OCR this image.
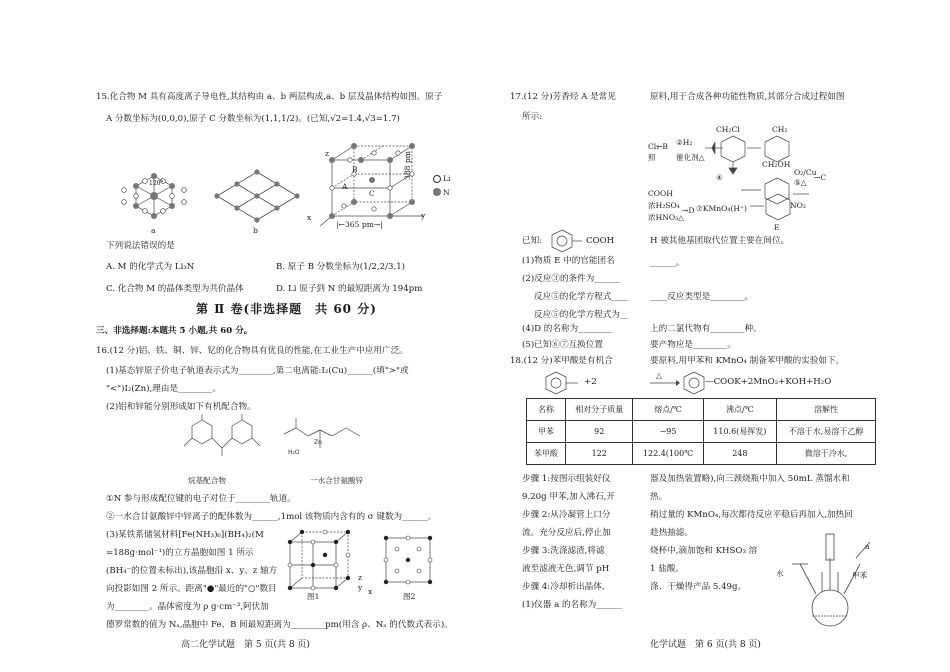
15.化合物 M 具有高度离子导电性,其结构由 a、b 两层构成,a、b 层及晶体结构如图。原子
A 分数坐标为(0,0,0),原子 C 分数坐标为(1,1,1/2)。(已知,√2=1.4,√3=1.7)
120°
a	b
A
B
C
x	y
z
|←365 pm→|
388 pm	Li
N
下列说法错误的是
A. M 的化学式为 Li₃N	B. 原子 B 分数坐标为(1/2,2/3,1)
C. 化合物 M 的晶体类型为共价晶体	D. Li 原子到 N 的最短距离为 194pm
第 Ⅱ 卷(非选择题　共 60 分)
三、非选择题:本题共 5 小题,共 60 分。
16.(12 分)铝、铁、铜、锌、钇的化合物具有优良的性能,在工业生产中应用广泛。
(1)基态锌原子价电子轨道表示式为________,第二电离能:I₂(Cu)______(填">"或
"<")I₂(Zn),理由是________。
(2)铝和锌能分别形成如下有机配合物。
Zn
H₂O
烷基配合物	一水合甘氨酸锌
①N 参与形成配位键的电子对位于________轨道。
②一水合甘氨酸锌中锌离子的配体数为______,1mol 该物质内含有的 σ 键数为______。
(3)某铁系储氢材料[Fe(NH₃)₆](BH₄)₂(M
=188g·mol⁻¹)的立方晶胞如图 1 所示
(BH₄⁻的位置未标出),该晶胞沿 x、y、z 轴方
向投影如图 2 所示。距离"●"最近的"○"数目
为________。晶体密度为 ρ g·cm⁻³,阿伏加
德罗常数的值为 Nₐ,晶胞中 Fe、B 间最短距离为________pm(用含 ρ、Nₐ 的代数式表示)。
图1
z
y x
图2
高二化学试题　第 5 页(共 8 页)
17.(12 分)芳香烃 A 是常见	原料,用于合成各种功能性物质,其部分合成过程如图
所示:
Cl₂
照
→B ②H₂
催化剂△
CH₂Cl	CH₂
④
CH₂OH
O₂/Cu
⑤△
→C
COOH
浓H₂SO₄
浓HNO₃△
→D ⑦KMnO₄(H⁺)	NO₂
E
已知:	COOH	H 被其他基团取代位置主要在间位。
(1)物质 E 中的官能团名	______。
(2)反应③的条件为______
反应⑤的化学方程式____ ____反应类型是________。
反应⑤的化学方程式为__
(4)D 的名称为________	上的二氯代物有________种。
(5)已知⑥⑦互换位置	要产物应是________。
18.(12 分)苯甲酸是有机合	要原料,用甲苯和 KMnO₄ 制备苯甲酸的实验如下。
+2
△
—COOK+2MnO₂+KOH+H₂O
名称	相对分子质量	熔点/℃	沸点/℃	溶解性
甲苯	92	−95	110.6(易挥发)	不溶于水,易溶于乙醇
苯甲酸	122	122.4(100℃	248	微溶于冷水,
步骤 1:按图示组装好仪	器及加热装置略),向三颈烧瓶中加入 50mL 蒸馏水和
9.20g 甲苯,加入沸石,开	热。
步骤 2:从冷凝管上口分	稍过量的 KMnO₄,每次都待反应平稳后再加入,加热回
流。充分反应后,停止加	趁热抽滤。
步骤 3:洗涤滤渣,将滤	烧杯中,滴加饱和 KHSO₃ 溶
液至滤液无色,调节 pH	1 盐酸。
步骤 4:冷却析出晶体,	涤、干燥得产品 5.49g。
(1)仪器 a 的名称为______
a
水	甲苯
化学试题　第 6 页(共 8 页)
